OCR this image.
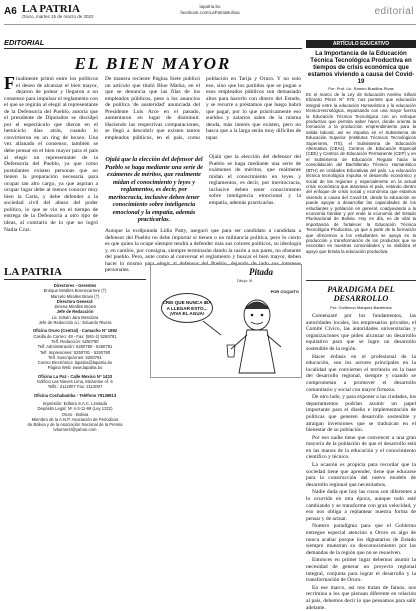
A6 LA PATRIA
Oruro, martes 15 de marzo de 2022
lapatria.bo
facebook.com/LaPatriaBolivia	editorial
EDITORIAL
EL BIEN MAYOR
F inalmente primó entre los políticos el deseo de alcanzar el bien mayor, dejaron de polear y llegaron a un consenso para impulsar el reglamento con el que se regirán al elegir al representante de la Defensoría del Pueblo, autoría que el presidente de Diputados se discúlpó por el espectáculo que dieron en el hemiciclo días atrás, cuando lo convirtieron en un ring de boxeo. Una vez allanado el consenso, también se debe pensar en el bien mayor para el país al elegir un representante de la Defensoría del Pueblo, ya que como postulantes existen personas que no tienen la preparación necesaria para ocupar tan alto cargo, ya que aspiran a ocupar lugar debe al menos conocer muy bien la Carta, y debe defender a la sociedad civil del abuso del poder político, lo que se vio en el tiempo de entrega de la Defensoría a otro tipo de ideas, al contrario de lo que no logró Nadia Cruz.
De manera reciente Página Siete publicó un artículo que tituló Blue Marka, en el que se denuncia que las filas de los empleados públicos, pese a los anuncios de política 'de austeridad' anunciada del Presidente Luis Arce en el pasado, aumentaron en lugar de disminuir. Haciendo las respectivas comparaciones, se llegó a descubrir que existen tantos empleados públicos, en el país, como población en Tarija y Oruro. Y no solo eso, sino que los partidos que se pugan a esos empleados públicos son demasiado altos para hacerlo con dinero del Estado, y se recurre a préstamos que luego habrá que pagar, por lo que prácticamente eso sueldos y salarios salen de la misma deuda, más interés que existen, pero no basca que a la larga serán muy difíciles de tapar.
Ojalá que la elección del defensor del Pueblo se haga mediante una serie de exámenes de méritos, que realmente midan el conocimiento y leyes y reglamentos, es decir, por meritocracia, inclusive deben tener conocimiento sobre inteligencia emocional y la empatía, además practicarlas.
Ojalá que la elección del defensor del Pueblo se haga mediante una serie de exámenes de méritos, que realmente midan el conocimiento en leyes y reglamentos, es decir, por meritocracia, inclusive deben tener conocimiento sobre inteligencia emocional y la empatía, además practicarlas.
Aunque la exdiputada Lidia Patty, aseguró que para ser candidato a candidata a defensor del Pueblo no debe importar si tienen o no militancia política, pero lo cierto es que quien la ocupe siempre tendrá a defender más sus colores políticos, su ideología y, en cambio, por consigna, siempre terminarán dando la razón a sus pares, no obstante del pueblo. Pero, ante como al conversar el reglamento y buscar el bien mayor, deben hacer lo mismo para elegir al defensor del Pueblo, dejando de lado sus intereses personales.
ARTÍCULO EDUCATIVO
La Importancia de la Educación Técnica Tecnológica Productiva en tiempos de crisis económica que estamos viviendo a causa del Covid-19
Por: Prof. Lic. Ramiro Bustillos Rivas
En el marco de la Ley de Educación Avelino Siñani Elizardo Pérez N° 070, nos permite que educación integral entre la educación Humanística y la educación técnica-tecnológica, impulsando con una mayor fuerza la Educación Técnica Tecnológica con un enfoque productivo que permita saber hacer, donde orienta la formación a la producción emprendimiento para la salida laboral, así se impulsa en el Subsistema de Educación Superior (Institutos Técnicos Tecnológicos Superiores, ITS), el Subsistema de Educación Alternativa (CEAs), Centros de Educación Especial (CEE) y Centros de Educación Permanente (CEP) y en el Subsistema de Educación Regular hacia la consolidación del Bachillerato Técnico Humanístico (BTH) en Unidades Educativas del país. La educación técnica tecnológica impulsa el desarrollo económico y social de las regiones y especialmente en la actual crisis económica que atraviesa el país, estando dentro del enfoque de crisis social y económica que estamos viviendo a causa del Covid-19, desde la educación se puede apoyar a desarrollar las capacidades de los estudiantes y población en general, coadyuvando a la economía familiar y por ende la economía del Estado Plurinacional de Bolivia. Hoy en día, es de vital la importancia de fortalecer la Educación Técnica Tecnológica Productiva, ya que a partir de la formación que ofrecemos a los estudiantes se apoya en la producción y transformación de los productos que se necesitan en nuestras comunidades y se visibiliza el apoyo que brinda la educación productiva.
PARADIGMA DEL DESARROLLO
Por: Guillermo Marquez Barrientos

Comenzaré por los fundamentos, las autoridades locales, los empresarios privados, el Comité Cívico, las autoridades universitarias y organizaciones que piden alcanzar un desarrollo equitativo para que se logre un desarrollo sostenible de la región.

Hacer énfasis en el profesional de la educación, son los actores principales en la localidad que convierten el territorio en la base del desarrollo regional, siempre y cuando se comprometan a promover el desarrollo comunitario y social con mayor firmeza.

De otro lado, y para exponer a las ciudades, los departamentos podrían asumir un papel importante para el diseño e implementación de políticas que generen desarrollo sostenible y atraigan inversiones que se traduzcan en el bienestar de su población.

Por eso nadie tiene que convencer a una gran mayoría de la población de que el desarrollo está en las manos de la educación y el conocimiento científico y técnico.

La ocasión es propicia para recordar que la sociedad tiene que aprender, tiene que educarse para la construcción del nuevo modelo de desarrollo regional que necesitamos.

Nadie duda que hoy las cosas son diferentes a lo ocurrido en otra época, aunque todo esté cambiando y se transforme con gran velocidad, y eso nos obliga a replantear nuestra forma de pensar y de actuar.

Nuestro paradigma para que el Gobierno entregue especial atención a Oruro es algo de nunca acabar porque los dignatarios de Estado siempre muestran su desconocimiento por las demandas de la región que no se resuelven.

Entonces en primer lugar debemos asumir la necesidad de generar un proyecto regional integral, conjunta para lograr el desarrollo y la transformación de Oruro.

En ese marco, así nos tratan de fatuos, nos recrimina a los que piensan diferente en relación al país, debemos decir lo que pensamos para salir adelante.

LA PATRIA
Directores - Gerentes
Enrique Miralles Bonnecarrere (†)
Marcelo Miralles Bravo (†)
Directora General:
Jimena Miralles Brown
Jefe de Redacción
Lic. Edwin Jara Mendoza
Jefe de Redacción a.i.: Eduardo Rivera
Oficina Oruro (Central) - Camacho N° 1892
Casilla de Correo: 48 - Fax: (591-2) 5250781
Telf. Redacción: 5250780
Telf. Administración: 5250780 - 5250781
Telf. Impresiones: 5250781 - 5250780
Telf. Suscripciones: 5250781
Correo Electrónico: lapatria@lapatria.bo
Página Web: www.lapatria.bo
Oficina La Paz - Calle Mexico N° 1433
Edificio Las Nieves Lima, Mezanine of. 6
Telfs.: 2112007 Fax: 2112007
Oficina Cochabamba - Teléfono 79139913
Impresión: Editora S.A.C. Limitada
Depósito Legal: Nº 4-3-11-99 (Ley 1322)
Oruro - Bolivia
Miembro de la A.N.P. Asociación de Periódicos
de Bolivia y de la Asociación Nacional de la Prensa
lvburnersl@yahoo.com
Pitada
Dibujo: M.
POR COQUITO
CREI QUE NUNCA IBA A LLEGAR ESTO... ¡VIVA EL AGUA!
